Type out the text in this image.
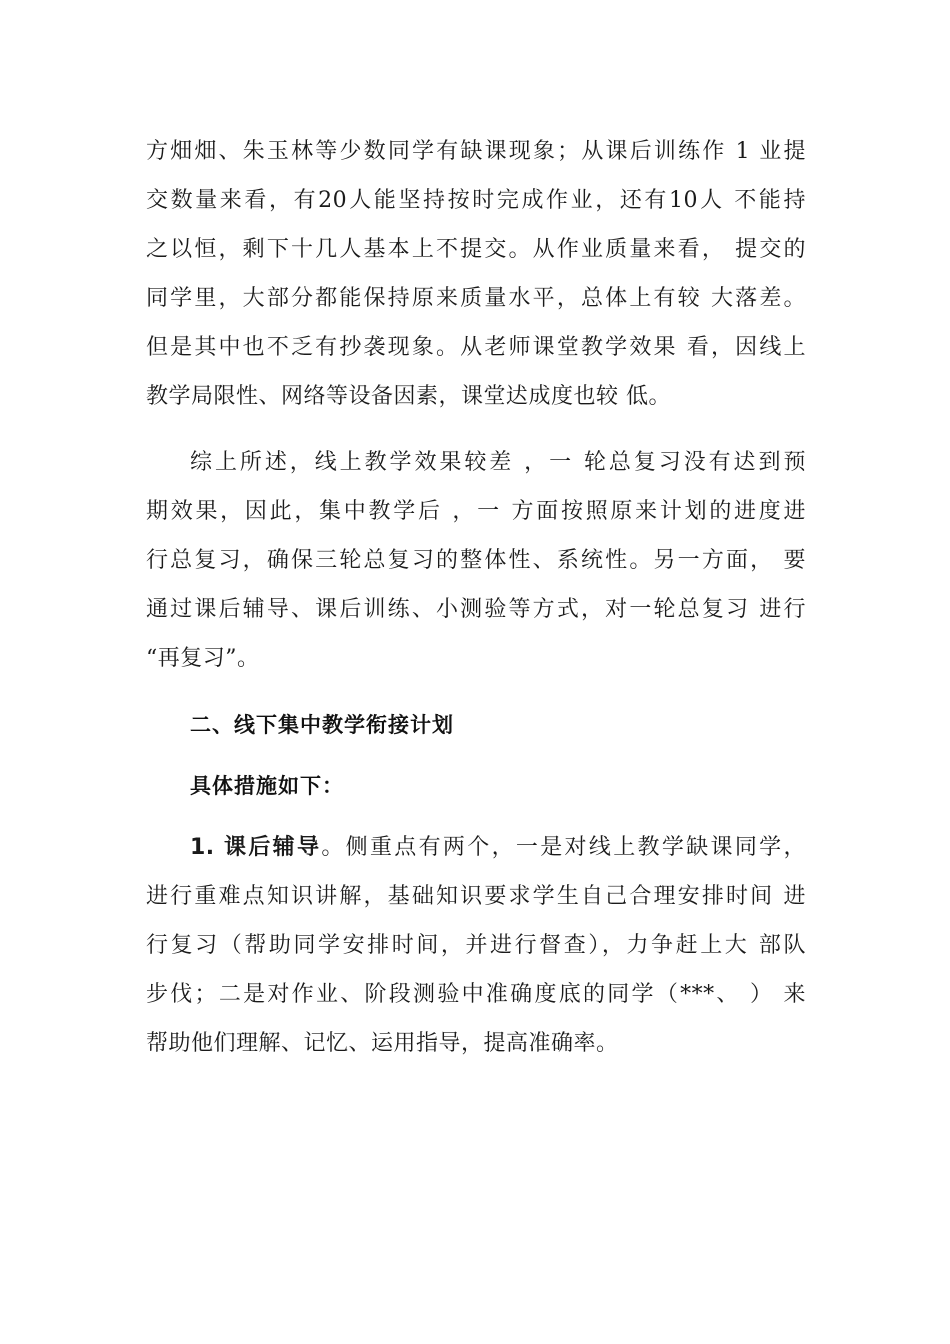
方畑畑、朱玉林等少数同学有缺课现象；从课后训练作 1 业提
交数量来看，有20人能坚持按时完成作业，还有10人 不能持
之以恒，剩下十几人基本上不提交。从作业质量来看， 提交的
同学里，大部分都能保持原来质量水平，总体上有较 大落差。
但是其中也不乏有抄袭现象。从老师课堂教学效果 看，因线上
教学局限性、网络等设备因素，课堂迖成度也较 低。
综上所述，线上教学效果较差 ，一 轮总复习没有迖到预
期效果，因此，集中教学后 ，一 方面按照原来计划的进度进
行总复习，确保三轮总复习的整体性、系统性。另一方面， 要
通过课后辅导、课后训练、小测验等方式，对一轮总复习 进行
“再复习”。
二、线下集中教学衔接计划
具体措施如下：
1. 课后辅导。侧重点有两个，一是对线上教学缺课同学，
进行重难点知识讲解，基础知识要求学生自己合理安排时间 进
行复习（帮助同学安排时间，并进行督查），力争赶上大 部队
步伐；二是对作业、阶段测验中准确度底的同学（***、 ） 来
帮助他们理解、记忆、运用指导，提高准确率。
